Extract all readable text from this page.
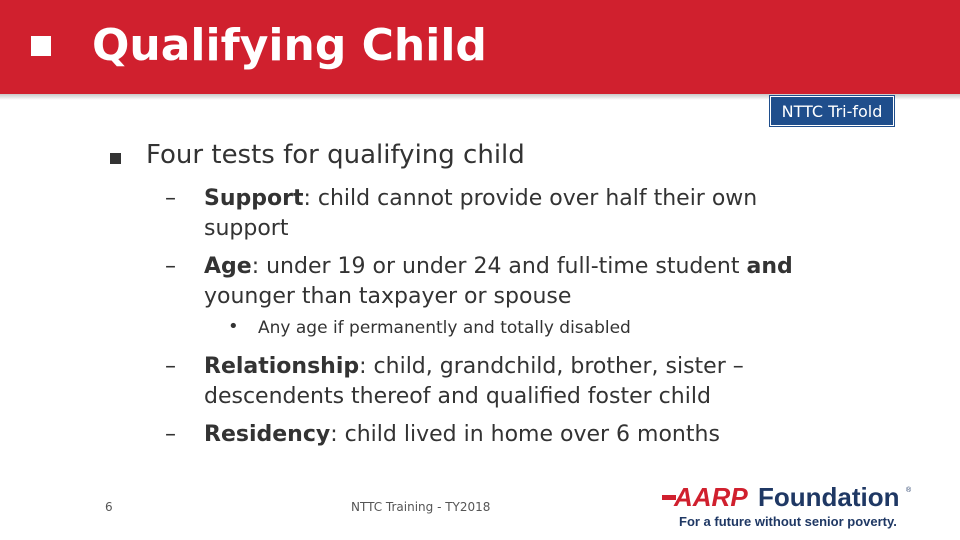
Qualifying Child
NTTC Tri-fold
Four tests for qualifying child
– Support: child cannot provide over half their own support
– Age: under 19 or under 24 and full-time student and younger than taxpayer or spouse
• Any age if permanently and totally disabled
– Relationship: child, grandchild, brother, sister – descendents thereof and qualified foster child
– Residency: child lived in home over 6 months
6	NTTC Training - TY2018	AARP Foundation ®
For a future without senior poverty.
